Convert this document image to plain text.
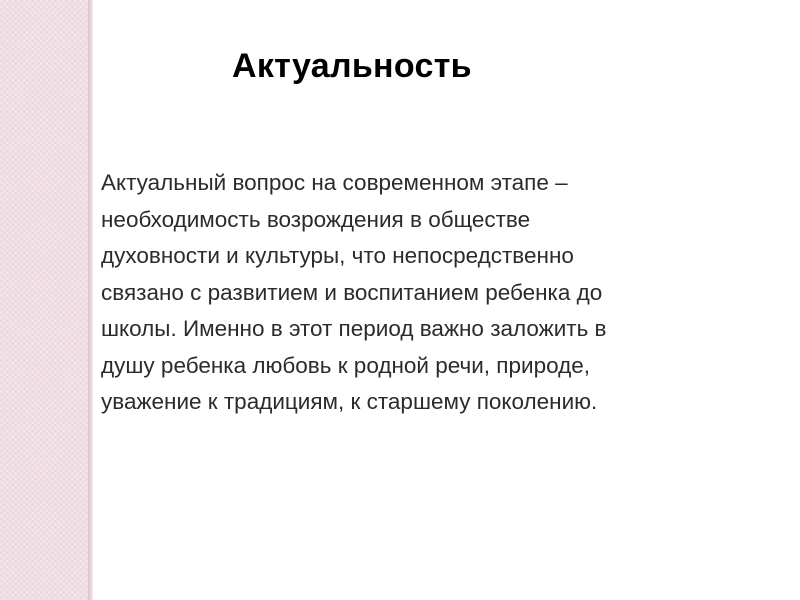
Актуальность
Актуальный вопрос на современном этапе –
необходимость возрождения в обществе
духовности и культуры, что непосредственно
связано с развитием и воспитанием ребенка до
школы. Именно в этот период важно заложить в
душу ребенка любовь к родной речи, природе,
уважение к традициям, к старшему поколению.
